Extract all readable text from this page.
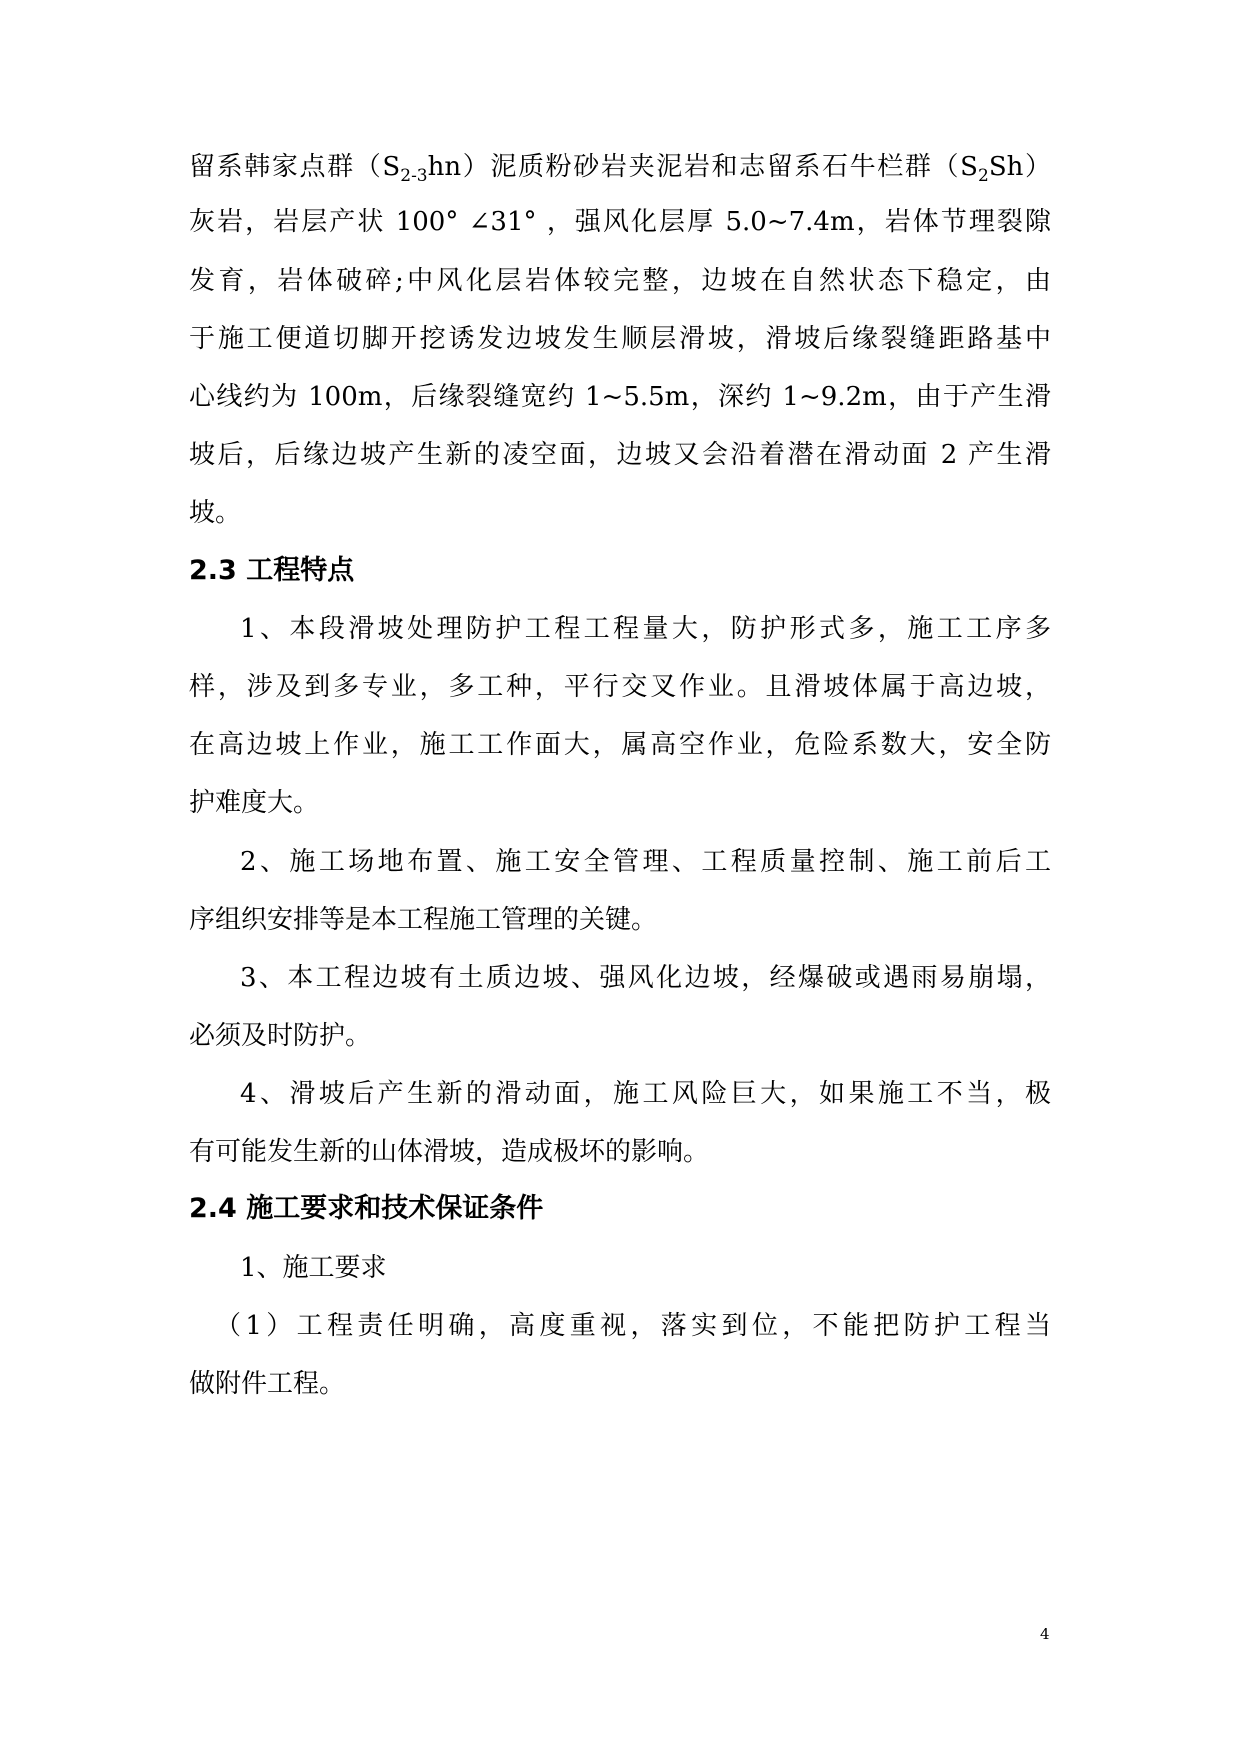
留系韩家点群$(S_{2-3}hn)$泥质粉砂岩夹泥岩和志留系石牛栏群$(S_2Sh)$
灰岩，岩层产状 100° ∠31° ，强风化层厚 5.0~7.4m，岩体节理裂隙
发育，岩体破碎;中风化层岩体较完整，边坡在自然状态下稳定，由
于施工便道切脚开挖诱发边坡发生顺层滑坡，滑坡后缘裂缝距路基中
心线约为 100m，后缘裂缝宽约 1~5.5m，深约 1~9.2m，由于产生滑
坡后，后缘边坡产生新的凌空面，边坡又会沿着潜在滑动面 2 产生滑
坡。
2.3 工程特点
1、本段滑坡处理防护工程工程量大，防护形式多，施工工序多
样，涉及到多专业，多工种，平行交叉作业。且滑坡体属于高边坡，
在高边坡上作业，施工工作面大，属高空作业，危险系数大，安全防
护难度大。
2、施工场地布置、施工安全管理、工程质量控制、施工前后工
序组织安排等是本工程施工管理的关键。
3、本工程边坡有土质边坡、强风化边坡，经爆破或遇雨易崩塌，
必须及时防护。
4、滑坡后产生新的滑动面，施工风险巨大，如果施工不当，极
有可能发生新的山体滑坡，造成极坏的影响。
2.4 施工要求和技术保证条件
1、施工要求
（1）工程责任明确，高度重视，落实到位，不能把防护工程当
做附件工程。
4
